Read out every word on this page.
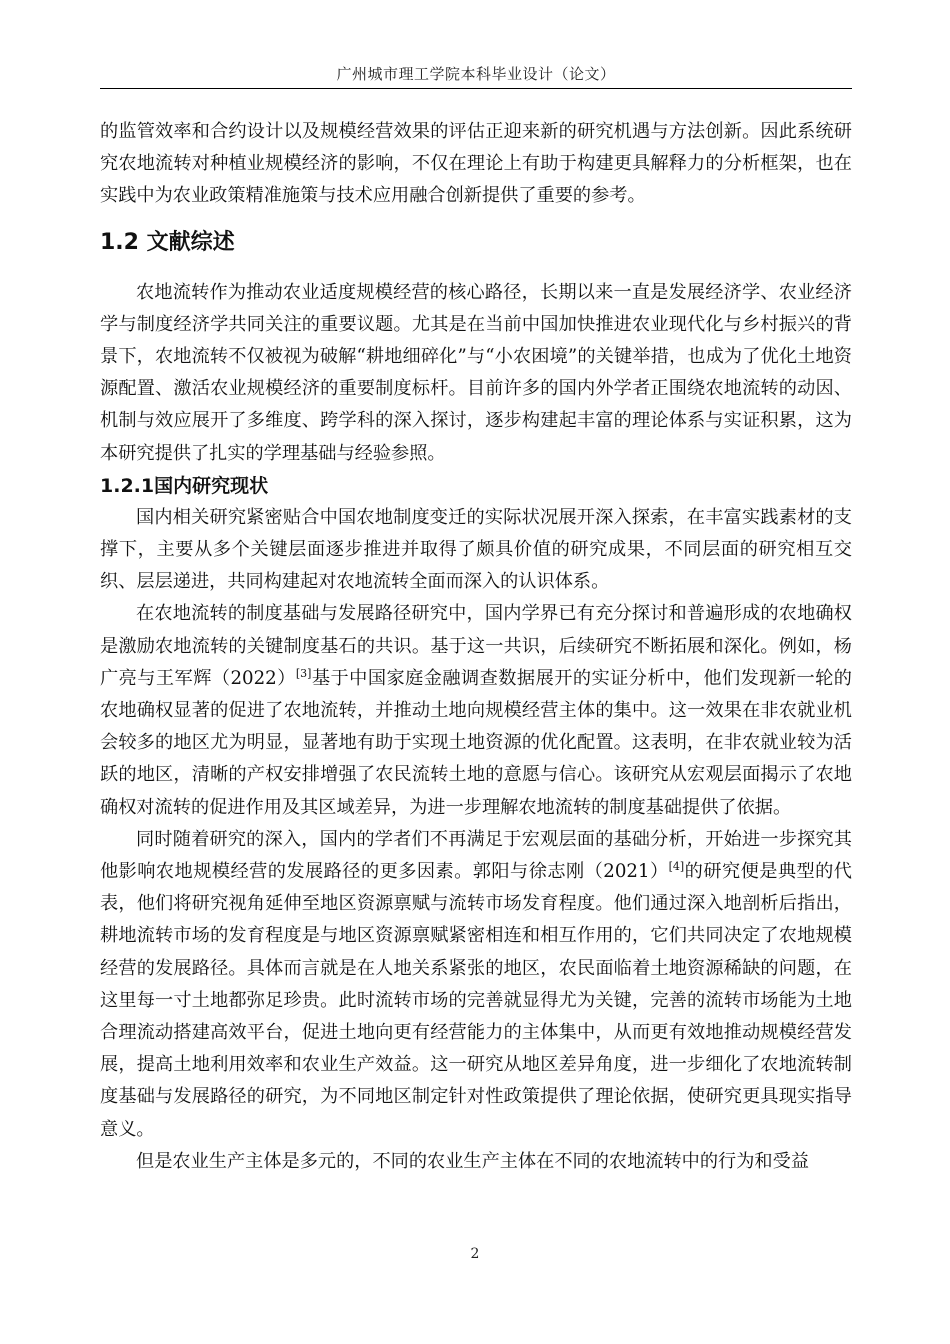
广州城市理工学院本科毕业设计（论文）

的监管效率和合约设计以及规模经营效果的评估正迎来新的研究机遇与方法创新。因此系统研究农地流转对种植业规模经济的影响，不仅在理论上有助于构建更具解释力的分析框架，也在实践中为农业政策精准施策与技术应用融合创新提供了重要的参考。

1.2 文献综述

农地流转作为推动农业适度规模经营的核心路径，长期以来一直是发展经济学、农业经济学与制度经济学共同关注的重要议题。尤其是在当前中国加快推进农业现代化与乡村振兴的背景下，农地流转不仅被视为破解“耕地细碎化”与“小农困境”的关键举措，也成为了优化土地资源配置、激活农业规模经济的重要制度标杆。目前许多的国内外学者正围绕农地流转的动因、机制与效应展开了多维度、跨学科的深入探讨，逐步构建起丰富的理论体系与实证积累，这为本研究提供了扎实的学理基础与经验参照。

1.2.1国内研究现状

国内相关研究紧密贴合中国农地制度变迁的实际状况展开深入探索，在丰富实践素材的支撑下，主要从多个关键层面逐步推进并取得了颇具价值的研究成果，不同层面的研究相互交织、层层递进，共同构建起对农地流转全面而深入的认识体系。

在农地流转的制度基础与发展路径研究中，国内学界已有充分探讨和普遍形成的农地确权是激励农地流转的关键制度基石的共识。基于这一共识，后续研究不断拓展和深化。例如，杨广亮与王军辉（2022）[3]基于中国家庭金融调查数据展开的实证分析中，他们发现新一轮的农地确权显著的促进了农地流转，并推动土地向规模经营主体的集中。这一效果在非农就业机会较多的地区尤为明显，显著地有助于实现土地资源的优化配置。这表明，在非农就业较为活跃的地区，清晰的产权安排增强了农民流转土地的意愿与信心。该研究从宏观层面揭示了农地确权对流转的促进作用及其区域差异，为进一步理解农地流转的制度基础提供了依据。

同时随着研究的深入，国内的学者们不再满足于宏观层面的基础分析，开始进一步探究其他影响农地规模经营的发展路径的更多因素。郭阳与徐志刚（2021）[4]的研究便是典型的代表，他们将研究视角延伸至地区资源禀赋与流转市场发育程度。他们通过深入地剖析后指出，耕地流转市场的发育程度是与地区资源禀赋紧密相连和相互作用的，它们共同决定了农地规模经营的发展路径。具体而言就是在人地关系紧张的地区，农民面临着土地资源稀缺的问题，在这里每一寸土地都弥足珍贵。此时流转市场的完善就显得尤为关键，完善的流转市场能为土地合理流动搭建高效平台，促进土地向更有经营能力的主体集中，从而更有效地推动规模经营发展，提高土地利用效率和农业生产效益。这一研究从地区差异角度，进一步细化了农地流转制度基础与发展路径的研究，为不同地区制定针对性政策提供了理论依据，使研究更具现实指导意义。

但是农业生产主体是多元的，不同的农业生产主体在不同的农地流转中的行为和受益

2
